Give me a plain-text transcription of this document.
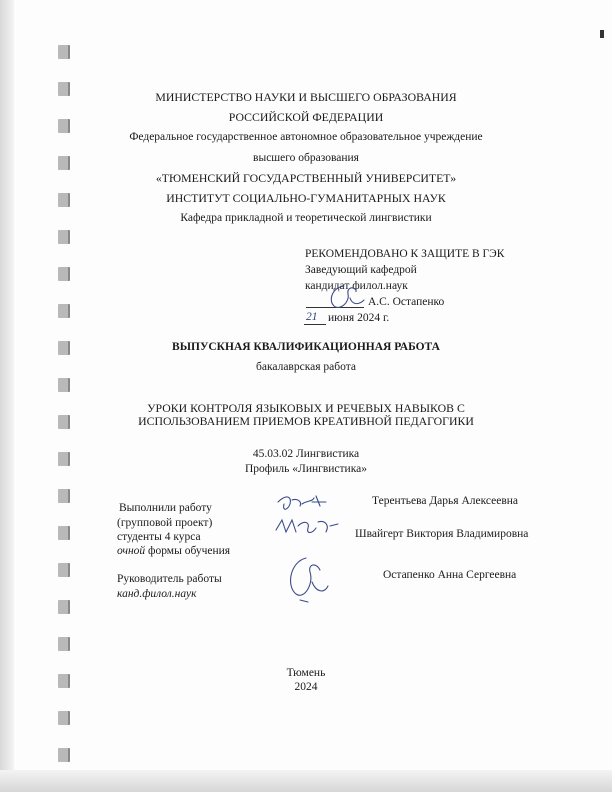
МИНИСТЕРСТВО НАУКИ И ВЫСШЕГО ОБРАЗОВАНИЯ
РОССИЙСКОЙ ФЕДЕРАЦИИ
Федеральное государственное автономное образовательное учреждение
высшего образования
«ТЮМЕНСКИЙ ГОСУДАРСТВЕННЫЙ УНИВЕРСИТЕТ»
ИНСТИТУТ СОЦИАЛЬНО-ГУМАНИТАРНЫХ НАУК
Кафедра прикладной и теоретической лингвистики
РЕКОМЕНДОВАНО К ЗАЩИТЕ В ГЭК
Заведующий кафедрой
кандидат филол.наук
А.С. Остапенко
21 июня 2024 г.
ВЫПУСКНАЯ КВАЛИФИКАЦИОННАЯ РАБОТА
бакалаврская работа
УРОКИ КОНТРОЛЯ ЯЗЫКОВЫХ И РЕЧЕВЫХ НАВЫКОВ С
ИСПОЛЬЗОВАНИЕМ ПРИЕМОВ КРЕАТИВНОЙ ПЕДАГОГИКИ
45.03.02 Лингвистика
Профиль «Лингвистика»
Выполнили работу
(групповой проект)
студенты 4 курса
очной формы обучения
Терентьева Дарья Алексеевна
Швайгерт Виктория Владимировна
Руководитель работы
канд.филол.наук
Остапенко Анна Сергеевна
Тюмень
2024
